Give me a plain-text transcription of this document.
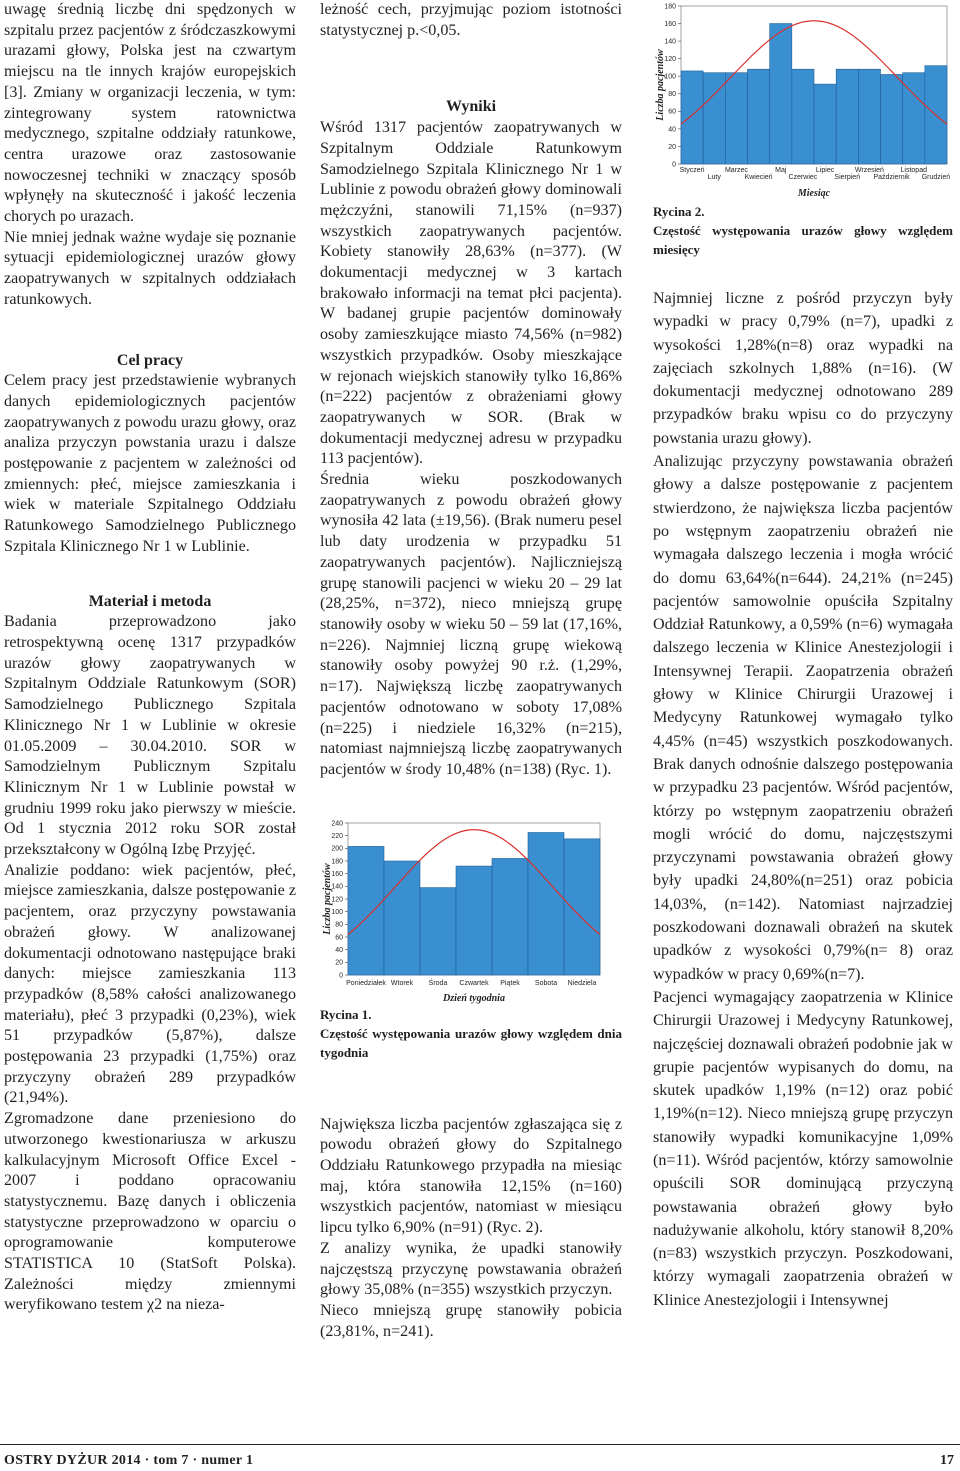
uwagę średnią liczbę dni spędzonych w szpitalu przez pacjentów z śródczaszkowymi urazami głowy, Polska jest na czwartym miejscu na tle innych krajów europejskich [3]. Zmiany w organizacji leczenia, w tym: zintegrowany system ratownictwa medycznego, szpitalne oddziały ratunkowe, centra urazowe oraz zastosowanie nowoczesnej techniki w znaczący sposób wpłynęły na skuteczność i jakość leczenia chorych po urazach.

Nie mniej jednak ważne wydaje się poznanie sytuacji epidemiologicznej urazów głowy zaopatrywanych w szpitalnych oddziałach ratunkowych.

Cel pracy

Celem pracy jest przedstawienie wybranych danych epidemiologicznych pacjentów zaopatrywanych z powodu urazu głowy, oraz analiza przyczyn powstania urazu i dalsze postępowanie z pacjentem w zależności od zmiennych: płeć, miejsce zamieszkania i wiek w materiale Szpitalnego Oddziału Ratunkowego Samodzielnego Publicznego Szpitala Klinicznego Nr 1 w Lublinie.

Materiał i metoda

Badania przeprowadzono jako retrospektywną ocenę 1317 przypadków urazów głowy zaopatrywanych w Szpitalnym Oddziale Ratunkowym (SOR) Samodzielnego Publicznego Szpitala Klinicznego Nr 1 w Lublinie w okresie 01.05.2009 – 30.04.2010. SOR w Samodzielnym Publicznym Szpitalu Klinicznym Nr 1 w Lublinie powstał w grudniu 1999 roku jako pierwszy w mieście. Od 1 stycznia 2012 roku SOR został przekształcony w Ogólną Izbę Przyjęć.

Analizie poddano: wiek pacjentów, płeć, miejsce zamieszkania, dalsze postępowanie z pacjentem, oraz przyczyny powstawania obrażeń głowy. W analizowanej dokumentacji odnotowano następujące braki danych: miejsce zamieszkania 113 przypadków (8,58% całości analizowanego materiału), płeć 3 przypadki (0,23%), wiek 51 przypadków (5,87%), dalsze postępowania 23 przypadki (1,75%) oraz przyczyny obrażeń 289 przypadków (21,94%).

Zgromadzone dane przeniesiono do utworzonego kwestionariusza w arkuszu kalkulacyjnym Microsoft Office Excel - 2007 i poddano opracowaniu statystycznemu. Bazę danych i obliczenia statystyczne przeprowadzono w oparciu o oprogramowanie komputerowe STATISTICA 10 (StatSoft Polska). Zależności między zmiennymi weryfikowano testem χ2 na nieza-

leżność cech, przyjmując poziom istotności statystycznej p.<0,05.

Wyniki

Wśród 1317 pacjentów zaopatrywanych w Szpitalnym Oddziale Ratunkowym Samodzielnego Szpitala Klinicznego Nr 1 w Lublinie z powodu obrażeń głowy dominowali mężczyźni, stanowili 71,15% (n=937) wszystkich zaopatrywanych pacjentów. Kobiety stanowiły 28,63% (n=377). (W dokumentacji medycznej w 3 kartach brakowało informacji na temat płci pacjenta). W badanej grupie pacjentów dominowały osoby zamieszkujące miasto 74,56% (n=982) wszystkich przypadków. Osoby mieszkające w rejonach wiejskich stanowiły tylko 16,86% (n=222) pacjentów z obrażeniami głowy zaopatrywanych w SOR. (Brak w dokumentacji medycznej adresu w przypadku 113 pacjentów).

Średnia wieku poszkodowanych zaopatrywanych z powodu obrażeń głowy wynosiła 42 lata (±19,56). (Brak numeru pesel lub daty urodzenia w przypadku 51 zaopatrywanych pacjentów). Najliczniejszą grupę stanowili pacjenci w wieku 20 – 29 lat (28,25%, n=372), nieco mniejszą grupę stanowiły osoby w wieku 50 – 59 lat (17,16%, n=226). Najmniej liczną grupę wiekową stanowiły osoby powyżej 90 r.ż. (1,29%, n=17). Największą liczbę zaopatrywanych pacjentów odnotowano w soboty 17,08%(n=225) i niedziele 16,32% (n=215), natomiast najmniejszą liczbę zaopatrywanych pacjentów w środy 10,48% (n=138) (Ryc. 1).

0
20
40
60
80
100
120
140
160
180
200
220
240
Poniedziałek Wtorek Środa Czwartek Piątek Sobota Niedziela
Dzień tygodnia
Liczba pacjentów

Rycina 1.
Częstość występowania urazów głowy względem dnia tygodnia

Największa liczba pacjentów zgłaszająca się z powodu obrażeń głowy do Szpitalnego Oddziału Ratunkowego przypadła na miesiąc maj, która stanowiła 12,15% (n=160) wszystkich pacjentów, natomiast w miesiącu lipcu tylko 6,90% (n=91) (Ryc. 2).

Z analizy wynika, że upadki stanowiły najczęstszą przyczynę powstawania obrażeń głowy 35,08% (n=355) wszystkich przyczyn.

Nieco mniejszą grupę stanowiły pobicia (23,81%, n=241).

0
20
40
60
80
100
120
140
160
180
Styczeń
Luty
Marzec
Kwiecień
Maj
Czerwiec
Lipiec
Sierpień
Wrzesień
Październik
Listopad
Grudzień
Miesiąc
Liczba pacjentów

Rycina 2.
Częstość występowania urazów głowy względem miesięcy

Najmniej liczne z pośród przyczyn były wypadki w pracy 0,79% (n=7), upadki z wysokości 1,28%(n=8) oraz wypadki na zajęciach szkolnych 1,88% (n=16). (W dokumentacji medycznej odnotowano 289 przypadków braku wpisu co do przyczyny powstania urazu głowy).

Analizując przyczyny powstawania obrażeń głowy a dalsze postępowanie z pacjentem stwierdzono, że największa liczba pacjentów po wstępnym zaopatrzeniu obrażeń nie wymagała dalszego leczenia i mogła wrócić do domu 63,64%(n=644). 24,21% (n=245) pacjentów samowolnie opuściła Szpitalny Oddział Ratunkowy, a 0,59% (n=6) wymagała dalszego leczenia w Klinice Anestezjologii i Intensywnej Terapii. Zaopatrzenia obrażeń głowy w Klinice Chirurgii Urazowej i Medycyny Ratunkowej wymagało tylko 4,45% (n=45) wszystkich poszkodowanych. Brak danych odnośnie dalszego postępowania w przypadku 23 pacjentów. Wśród pacjentów, którzy po wstępnym zaopatrzeniu obrażeń mogli wrócić do domu, najczęstszymi przyczynami powstawania obrażeń głowy były upadki 24,80%(n=251) oraz pobicia 14,03%, (n=142). Natomiast najrzadziej poszkodowani doznawali obrażeń na skutek upadków z wysokości 0,79%(n= 8) oraz wypadków w pracy 0,69%(n=7).

Pacjenci wymagający zaopatrzenia w Klinice Chirurgii Urazowej i Medycyny Ratunkowej, najczęściej doznawali obrażeń podobnie jak w grupie pacjentów wypisanych do domu, na skutek upadków 1,19% (n=12) oraz pobić 1,19%(n=12). Nieco mniejszą grupę przyczyn stanowiły wypadki komunikacyjne 1,09%(n=11). Wśród pacjentów, którzy samowolnie opuścili SOR dominującą przyczyną powstawania obrażeń głowy było nadużywanie alkoholu, który stanowił 8,20% (n=83) wszystkich przyczyn. Poszkodowani, którzy wymagali zaopatrzenia obrażeń w Klinice Anestezjologii i Intensywnej

OSTRY DYŻUR 2014 · tom 7 · numer 1	17
